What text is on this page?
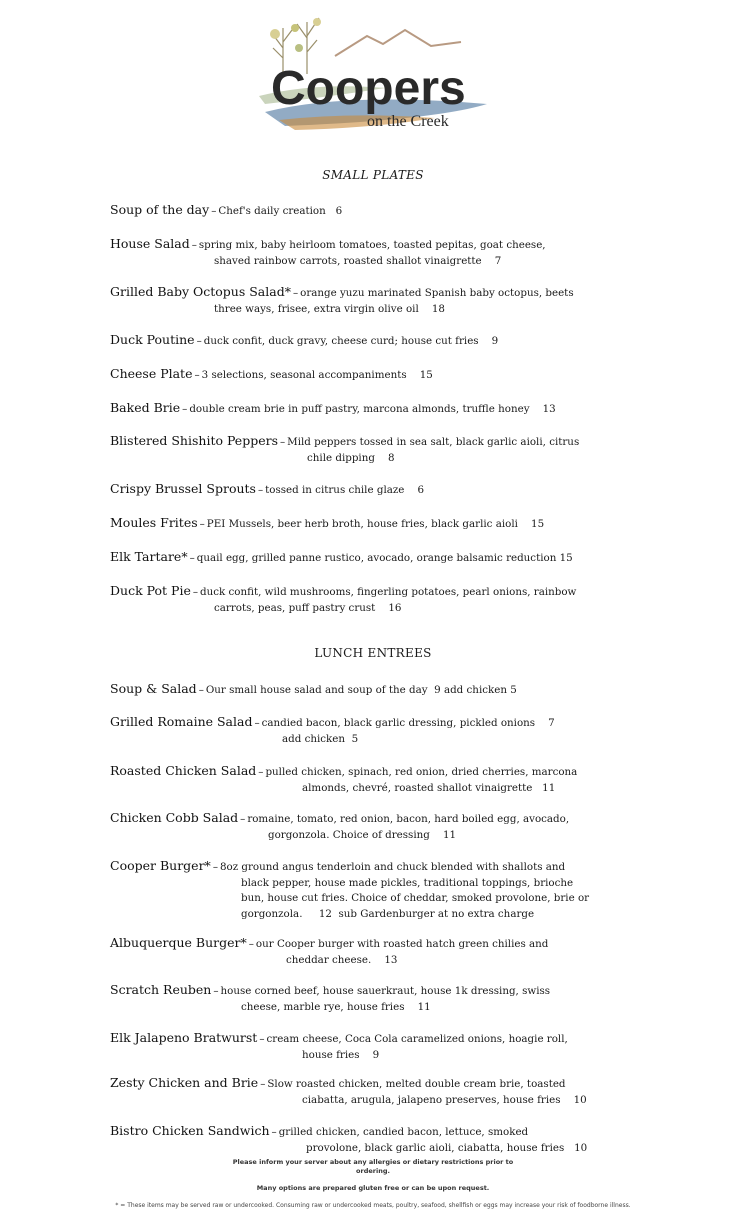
Coopers
on the Creek
SMALL PLATES
Soup of the day – Chef's daily creation   6
House Salad – spring mix, baby heirloom tomatoes, toasted pepitas, goat cheese,
shaved rainbow carrots, roasted shallot vinaigrette    7
Grilled Baby Octopus Salad* – orange yuzu marinated Spanish baby octopus, beets
three ways, frisee, extra virgin olive oil    18
Duck Poutine – duck confit, duck gravy, cheese curd; house cut fries    9
Cheese Plate – 3 selections, seasonal accompaniments    15
Baked Brie – double cream brie in puff pastry, marcona almonds, truffle honey    13
Blistered Shishito Peppers – Mild peppers tossed in sea salt, black garlic aioli, citrus
chile dipping    8
Crispy Brussel Sprouts – tossed in citrus chile glaze    6
Moules Frites – PEI Mussels, beer herb broth, house fries, black garlic aioli    15
Elk Tartare* – quail egg, grilled panne rustico, avocado, orange balsamic reduction 15
Duck Pot Pie – duck confit, wild mushrooms, fingerling potatoes, pearl onions, rainbow
carrots, peas, puff pastry crust    16
LUNCH ENTREES
Soup & Salad – Our small house salad and soup of the day  9 add chicken 5
Grilled Romaine Salad – candied bacon, black garlic dressing, pickled onions    7
add chicken  5
Roasted Chicken Salad – pulled chicken, spinach, red onion, dried cherries, marcona
almonds, chevré, roasted shallot vinaigrette   11
Chicken Cobb Salad – romaine, tomato, red onion, bacon, hard boiled egg, avocado,
gorgonzola. Choice of dressing    11
Cooper Burger* – 8oz ground angus tenderloin and chuck blended with shallots and
black pepper, house made pickles, traditional toppings, brioche
bun, house cut fries. Choice of cheddar, smoked provolone, brie or
gorgonzola.     12  sub Gardenburger at no extra charge
Albuquerque Burger* – our Cooper burger with roasted hatch green chilies and
cheddar cheese.    13
Scratch Reuben – house corned beef, house sauerkraut, house 1k dressing, swiss
cheese, marble rye, house fries    11
Elk Jalapeno Bratwurst – cream cheese, Coca Cola caramelized onions, hoagie roll,
house fries    9
Zesty Chicken and Brie – Slow roasted chicken, melted double cream brie, toasted
ciabatta, arugula, jalapeno preserves, house fries    10
Bistro Chicken Sandwich – grilled chicken, candied bacon, lettuce, smoked
provolone, black garlic aioli, ciabatta, house fries   10
Please inform your server about any allergies or dietary restrictions prior to
ordering.
Many options are prepared gluten free or can be upon request.
* = These items may be served raw or undercooked. Consuming raw or undercooked meats, poultry, seafood, shellfish or eggs may increase your risk of foodborne illness.
